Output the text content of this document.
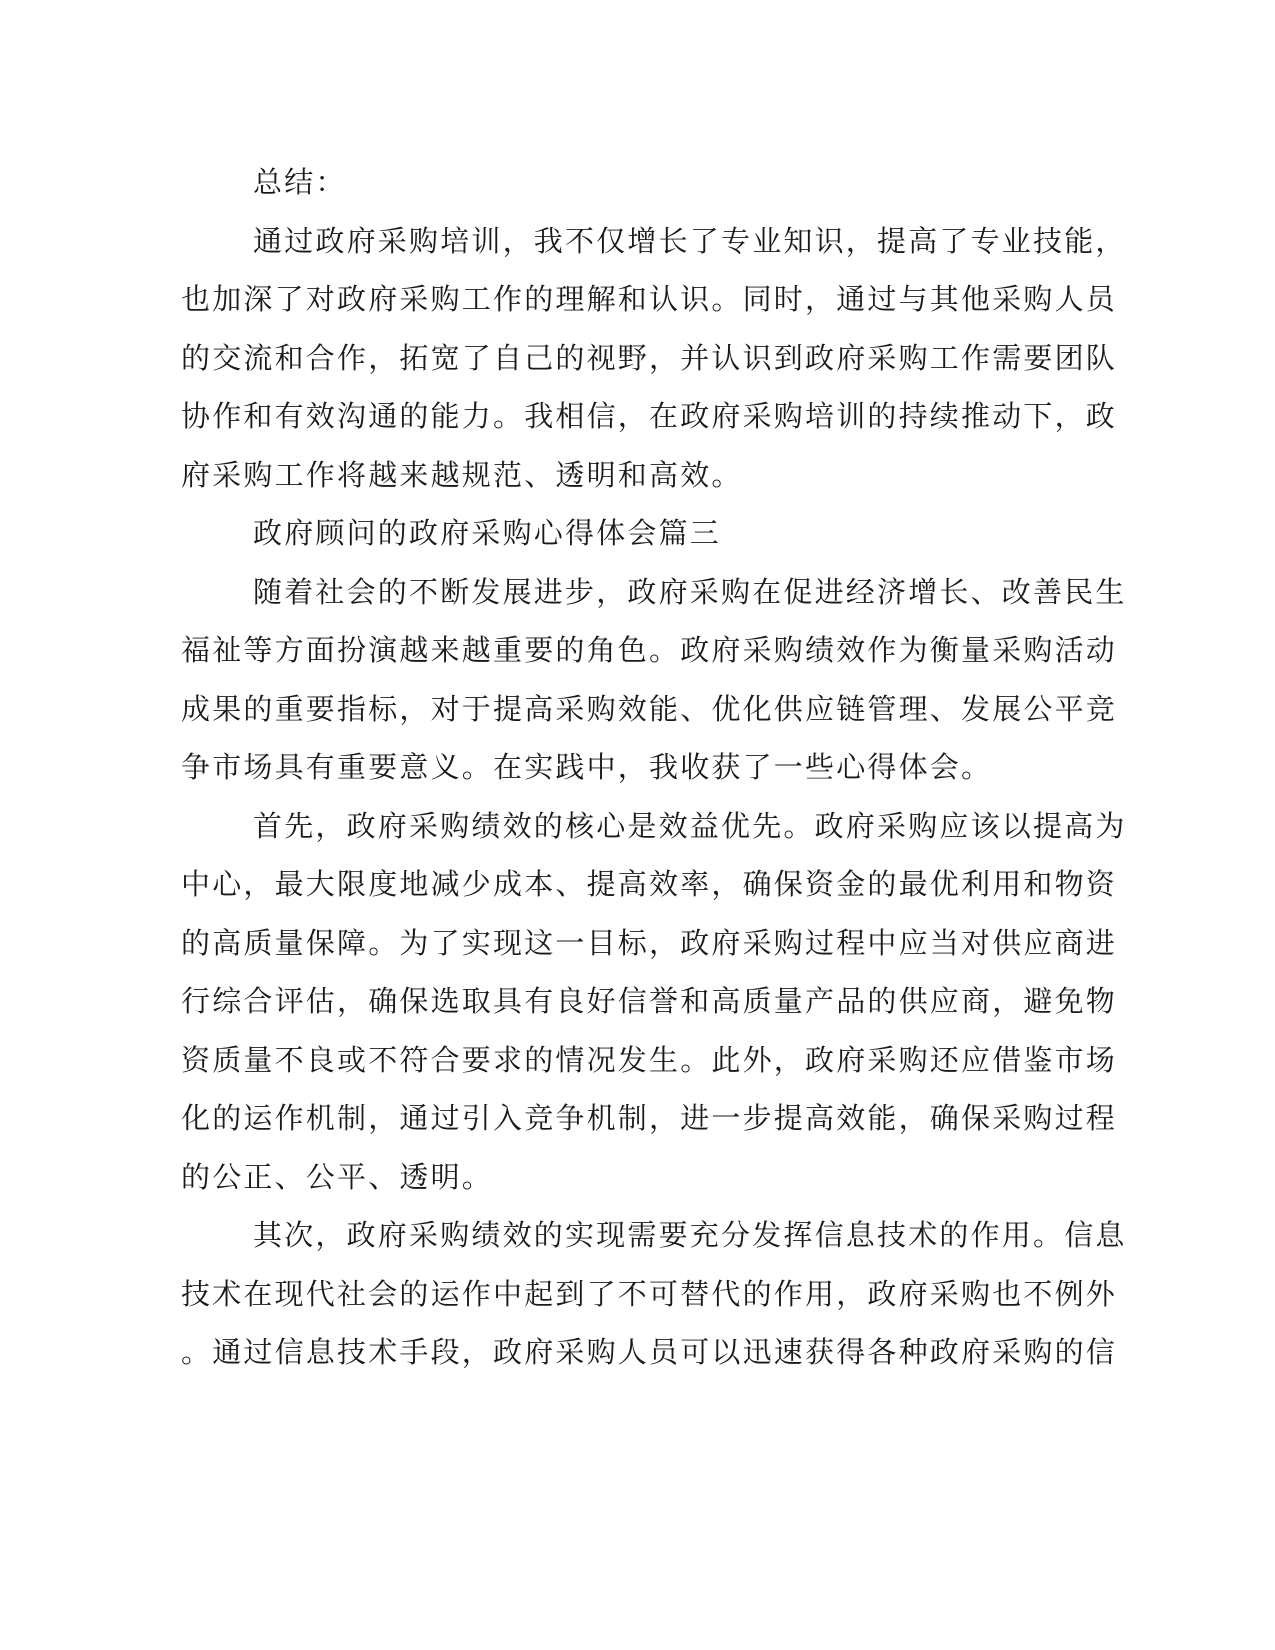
总结：
通过政府采购培训，我不仅增长了专业知识，提高了专业技能，
也加深了对政府采购工作的理解和认识。同时，通过与其他采购人员
的交流和合作，拓宽了自己的视野，并认识到政府采购工作需要团队
协作和有效沟通的能力。我相信，在政府采购培训的持续推动下，政
府采购工作将越来越规范、透明和高效。
政府顾问的政府采购心得体会篇三
随着社会的不断发展进步，政府采购在促进经济增长、改善民生
福祉等方面扮演越来越重要的角色。政府采购绩效作为衡量采购活动
成果的重要指标，对于提高采购效能、优化供应链管理、发展公平竞
争市场具有重要意义。在实践中，我收获了一些心得体会。
首先，政府采购绩效的核心是效益优先。政府采购应该以提高为
中心，最大限度地减少成本、提高效率，确保资金的最优利用和物资
的高质量保障。为了实现这一目标，政府采购过程中应当对供应商进
行综合评估，确保选取具有良好信誉和高质量产品的供应商，避免物
资质量不良或不符合要求的情况发生。此外，政府采购还应借鉴市场
化的运作机制，通过引入竞争机制，进一步提高效能，确保采购过程
的公正、公平、透明。
其次，政府采购绩效的实现需要充分发挥信息技术的作用。信息
技术在现代社会的运作中起到了不可替代的作用，政府采购也不例外
。通过信息技术手段，政府采购人员可以迅速获得各种政府采购的信
